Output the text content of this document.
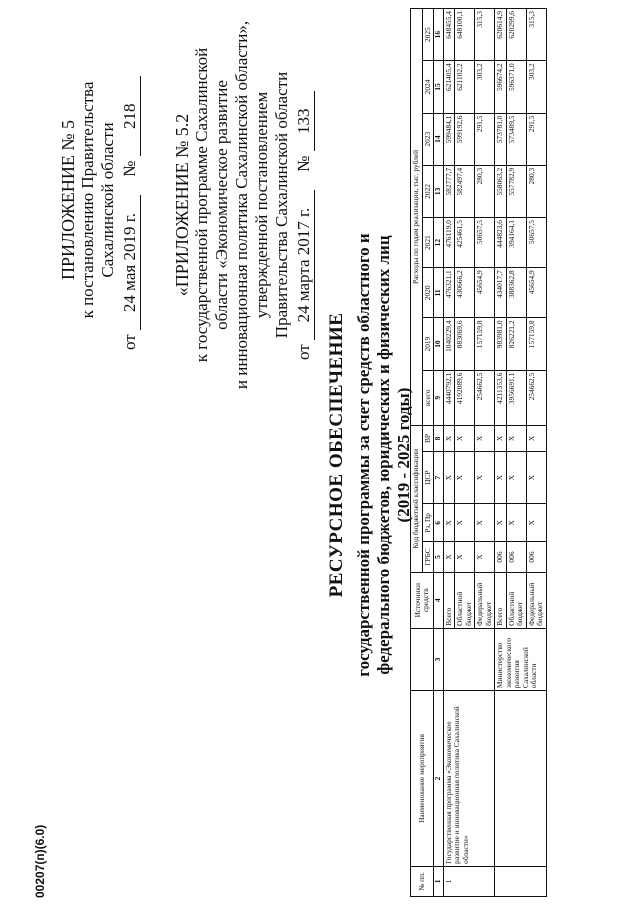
ПРИЛОЖЕНИЕ № 5 к постановлению Правительства Сахалинской области
от 24 мая 2019 г. № 218 «ПРИЛОЖЕНИЕ № 5.2 к государственной программе Сахалинской области «Экономическое развитие и инновационная политика Сахалинской области», утвержденной постановлением Правительства Сахалинской области
от 24 марта 2017 г. № 133
РЕСУРСНОЕ ОБЕСПЕЧЕНИЕ государственной программы за счет средств областного и федерального бюджетов, юридических и физических лиц (2019 - 2025 годы)
№ пп.	Наименование мероприятия		Источники средств	Код бюджетной классификации				Расходы по годам реализации, тыс. рублей							
				ГРБС	Рз, Пр	ЦСР	ВР	всего	2019	2020	2021	2022	2023	2024	2025
1	2	3	4	5	6	7	8	9	10	11	12	13	14	15	16
1	Государственная программа «Экономическое развитие и инновационная политика Сахалинской области»		Всего	X	X	X	X	4440792,1	1040229,4	476321,1	476119,0	582777,7	599484,1	621405,4	648455,4
			Областной бюджет	X	X	X	X	4192089,6	883069,6	430666,2	425461,5	582497,4	599192,6	621102,2	648100,1
			Федеральный бюджет	X	X	X	X	254662,5	157159,8	45654,9	50657,5	280,3	291,5	303,2	315,3
		Министерство экономического развития Сахалинской области	Всего	006	X	X	X	4211353,6	983981,0	434017,7	444823,6	558063,2	573781,0	596674,2	620614,9
			Областной бюджет	006	X	X	X	3956691,1	826221,2	388362,8	394164,1	557782,9	573489,5	596371,0	620299,6
			Федеральный бюджет	006	X	X	X	254662,5	157159,8	45654,9	50657,5	280,3	291,5	303,2	315,3
00207(п)(6.0)
